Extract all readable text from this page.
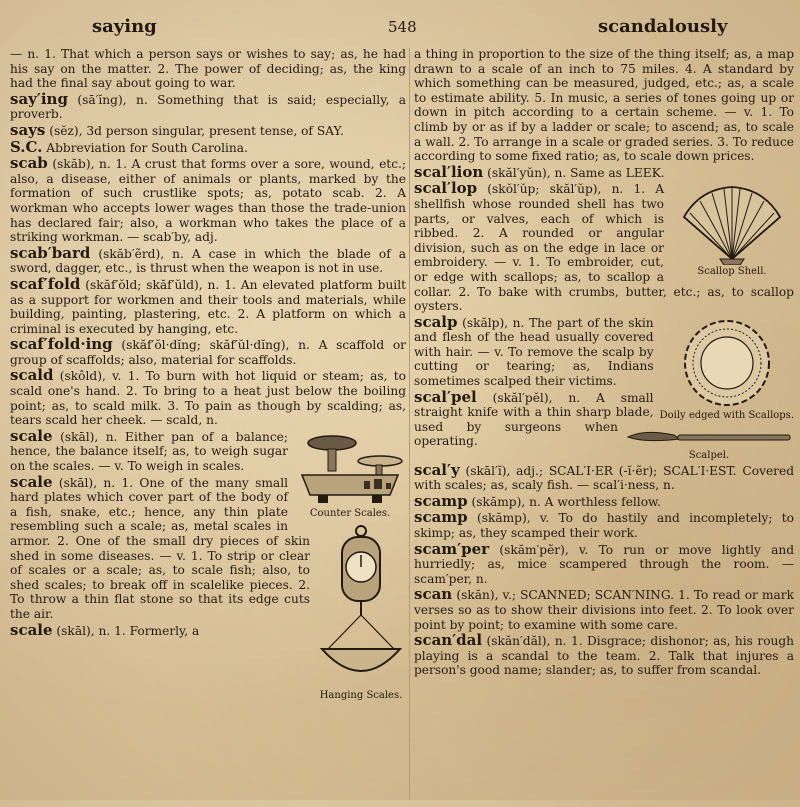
saying	548	scandalously
— n. 1. That which a person says or wishes to say; as, he had his say on the matter. 2. The power of deciding; as, the king had the final say about going to war.
say′ing (sā′ĭng), n. Something that is said; especially, a proverb.
says (sĕz), 3d person singular, present tense, of SAY.
S.C. Abbreviation for South Carolina.
scab (skăb), n. 1. A crust that forms over a sore, wound, etc.; also, a disease, either of animals or plants, marked by the formation of such crustlike spots; as, potato scab. 2. A workman who accepts lower wages than those the trade-union has declared fair; also, a workman who takes the place of a striking workman. — scab′by, adj.
scab′bard (skăb′ẽrd), n. A case in which the blade of a sword, dagger, etc., is thrust when the weapon is not in use.
scaf′fold (skăf′ŏld; skăf′ŭld), n. 1. An elevated platform built as a support for workmen and their tools and materials, while building, painting, plastering, etc. 2. A platform on which a criminal is executed by hanging, etc.
scaf′fold·ing (skăf′ŏl·dĭng; skăf′ŭl·dĭng), n. A scaffold or group of scaffolds; also, material for scaffolds.
scald (skôld), v. 1. To burn with hot liquid or steam; as, to scald one's hand. 2. To bring to a heat just below the boiling point; as, to scald milk. 3. To pain as though by scalding; as, tears scald her cheek. — scald, n.
Counter Scales.
scale (skāl), n. Either pan of a balance; hence, the balance itself; as, to weigh sugar on the scales. — v. To weigh in scales.
Hanging Scales.
scale (skāl), n. 1. One of the many small hard plates which cover part of the body of a fish, snake, etc.; hence, any thin plate resembling such a scale; as, metal scales in armor. 2. One of the small dry pieces of skin shed in some diseases. — v. 1. To strip or clear of scales or a scale; as, to scale fish; also, to shed scales; to break off in scalelike pieces. 2. To throw a thin flat stone so that its edge cuts the air.
scale (skāl), n. 1. Formerly, a
a thing in proportion to the size of the thing itself; as, a map drawn to a scale of an inch to 75 miles. 4. A standard by which something can be measured, judged, etc.; as, a scale to estimate ability. 5. In music, a series of tones going up or down in pitch according to a certain scheme. — v. 1. To climb by or as if by a ladder or scale; to ascend; as, to scale a wall. 2. To arrange in a scale or graded series. 3. To reduce according to some fixed ratio; as, to scale down prices.
scal′lion (skăl′yŭn), n. Same as LEEK.
Scallop Shell.
scal′lop (skŏl′ŭp; skăl′ŭp), n. 1. A shellfish whose rounded shell has two parts, or valves, each of which is ribbed. 2. A rounded or angular division, such as on the edge in lace or embroidery. — v. 1. To embroider, cut, or edge with scallops; as, to scallop a collar. 2. To bake with crumbs, butter, etc.; as, to scallop oysters.
Doily edged with Scallops.
scalp (skălp), n. The part of the skin and flesh of the head usually covered with hair. — v. To remove the scalp by cutting or tearing; as, Indians sometimes scalped their victims.
Scalpel.
scal′pel (skăl′pĕl), n. A small straight knife with a thin sharp blade, used by surgeons when operating.
scal′y (skāl′ĭ), adj.; SCAL′I·ER (-ĭ·ẽr); SCAL′I·EST. Covered with scales; as, scaly fish. — scal′i·ness, n.
scamp (skămp), n. A worthless fellow.
scamp (skămp), v. To do hastily and incompletely; to skimp; as, they scamped their work.
scam′per (skăm′pẽr), v. To run or move lightly and hurriedly; as, mice scampered through the room. — scam′per, n.
scan (skăn), v.; SCANNED; SCAN′NING. 1. To read or mark verses so as to show their divisions into feet. 2. To look over point by point; to examine with some care.
scan′dal (skăn′dăl), n. 1. Disgrace; dishonor; as, his rough playing is a scandal to the team. 2. Talk that injures a person's good name; slander; as, to suffer from scandal.
